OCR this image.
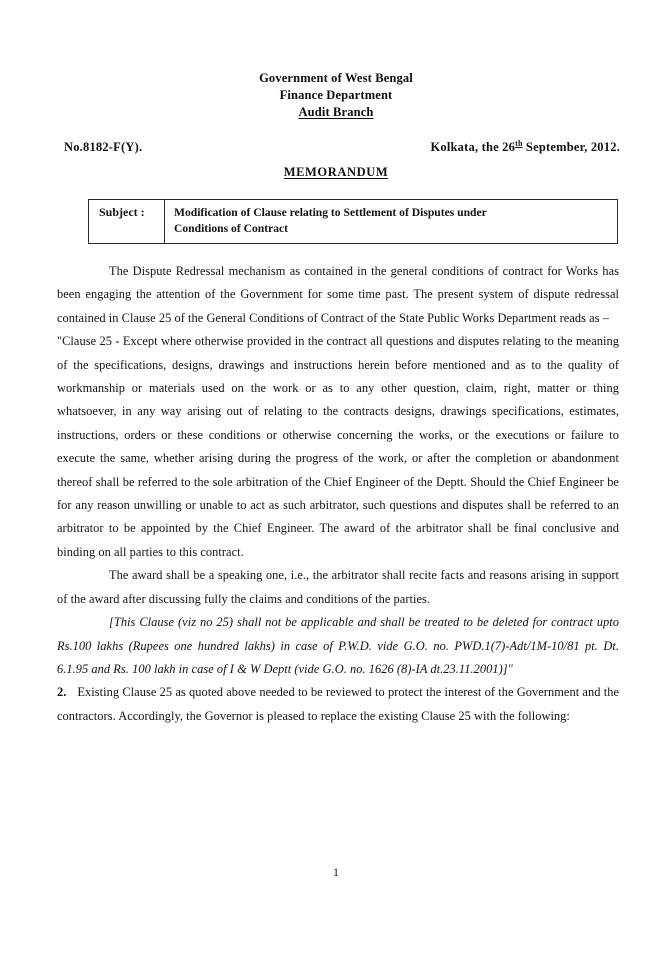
Government of West Bengal
Finance Department
Audit Branch
No.8182-F(Y).	Kolkata, the 26th September, 2012.
MEMORANDUM
Subject :	Modification of Clause relating to Settlement of Disputes under
Conditions of Contract

The Dispute Redressal mechanism as contained in the general conditions of contract for Works has been engaging the attention of the Government for some time past. The present system of dispute redressal contained in Clause 25 of the General Conditions of Contract of the State Public Works Department reads as –

"Clause 25 - Except where otherwise provided in the contract all questions and disputes relating to the meaning of the specifications, designs, drawings and instructions herein before mentioned and as to the quality of workmanship or materials used on the work or as to any other question, claim, right, matter or thing whatsoever, in any way arising out of relating to the contracts designs, drawings specifications, estimates, instructions, orders or these conditions or otherwise concerning the works, or the executions or failure to execute the same, whether arising during the progress of the work, or after the completion or abandonment thereof shall be referred to the sole arbitration of the Chief Engineer of the Deptt. Should the Chief Engineer be for any reason unwilling or unable to act as such arbitrator, such questions and disputes shall be referred to an arbitrator to be appointed by the Chief Engineer. The award of the arbitrator shall be final conclusive and binding on all parties to this contract.

The award shall be a speaking one, i.e., the arbitrator shall recite facts and reasons arising in support of the award after discussing fully the claims and conditions of the parties.

[This Clause (viz no 25) shall not be applicable and shall be treated to be deleted for contract upto Rs.100 lakhs (Rupees one hundred lakhs) in case of P.W.D. vide G.O. no. PWD.1(7)-Adt/1M-10/81 pt. Dt. 6.1.95 and Rs. 100 lakh in case of I & W Deptt (vide G.O. no. 1626 (8)-IA dt.23.11.2001)]"

2. Existing Clause 25 as quoted above needed to be reviewed to protect the interest of the Government and the contractors. Accordingly, the Governor is pleased to replace the existing Clause 25 with the following:

1
